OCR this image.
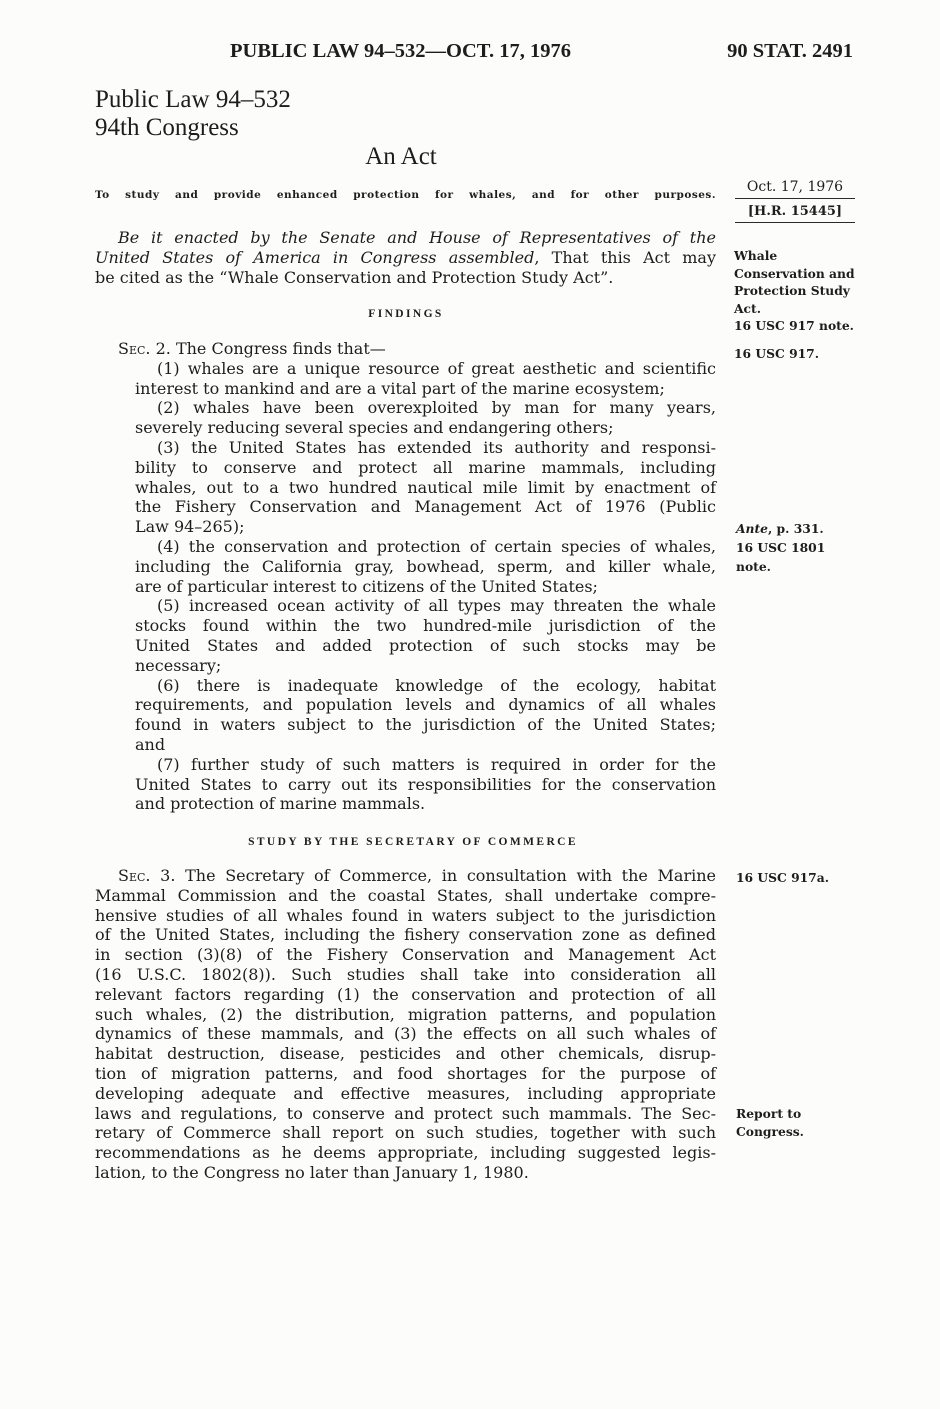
PUBLIC LAW 94–532—OCT. 17, 1976	90 STAT. 2491
Public Law 94–532
94th Congress
An Act
To study and provide enhanced protection for whales, and for other purposes.	Oct. 17, 1976
[H.R. 15445]
Be it enacted by the Senate and House of Representatives of the
United States of America in Congress assembled, That this Act may
be cited as the “Whale Conservation and Protection Study Act”.
Whale
Conservation and
Protection Study
Act.
16 USC 917 note.
FINDINGS
Sec. 2. The Congress finds that—
(1) whales are a unique resource of great aesthetic and scientific
interest to mankind and are a vital part of the marine ecosystem;
(2) whales have been overexploited by man for many years,
severely reducing several species and endangering others;
(3) the United States has extended its authority and responsi-
bility to conserve and protect all marine mammals, including
whales, out to a two hundred nautical mile limit by enactment of
the Fishery Conservation and Management Act of 1976 (Public
Law 94–265);
(4) the conservation and protection of certain species of whales,
including the California gray, bowhead, sperm, and killer whale,
are of particular interest to citizens of the United States;
(5) increased ocean activity of all types may threaten the whale
stocks found within the two hundred-mile jurisdiction of the
United States and added protection of such stocks may be
necessary;
(6) there is inadequate knowledge of the ecology, habitat
requirements, and population levels and dynamics of all whales
found in waters subject to the jurisdiction of the United States;
and
(7) further study of such matters is required in order for the
United States to carry out its responsibilities for the conservation
and protection of marine mammals.
16 USC 917.
Ante, p. 331.
16 USC 1801
note.
STUDY BY THE SECRETARY OF COMMERCE
Sec. 3. The Secretary of Commerce, in consultation with the Marine
Mammal Commission and the coastal States, shall undertake compre-
hensive studies of all whales found in waters subject to the jurisdiction
of the United States, including the fishery conservation zone as defined
in section (3)(8) of the Fishery Conservation and Management Act
(16 U.S.C. 1802(8)). Such studies shall take into consideration all
relevant factors regarding (1) the conservation and protection of all
such whales, (2) the distribution, migration patterns, and population
dynamics of these mammals, and (3) the effects on all such whales of
habitat destruction, disease, pesticides and other chemicals, disrup-
tion of migration patterns, and food shortages for the purpose of
developing adequate and effective measures, including appropriate
laws and regulations, to conserve and protect such mammals. The Sec-
retary of Commerce shall report on such studies, together with such
recommendations as he deems appropriate, including suggested legis-
lation, to the Congress no later than January 1, 1980.
16 USC 917a.
Report to
Congress.
